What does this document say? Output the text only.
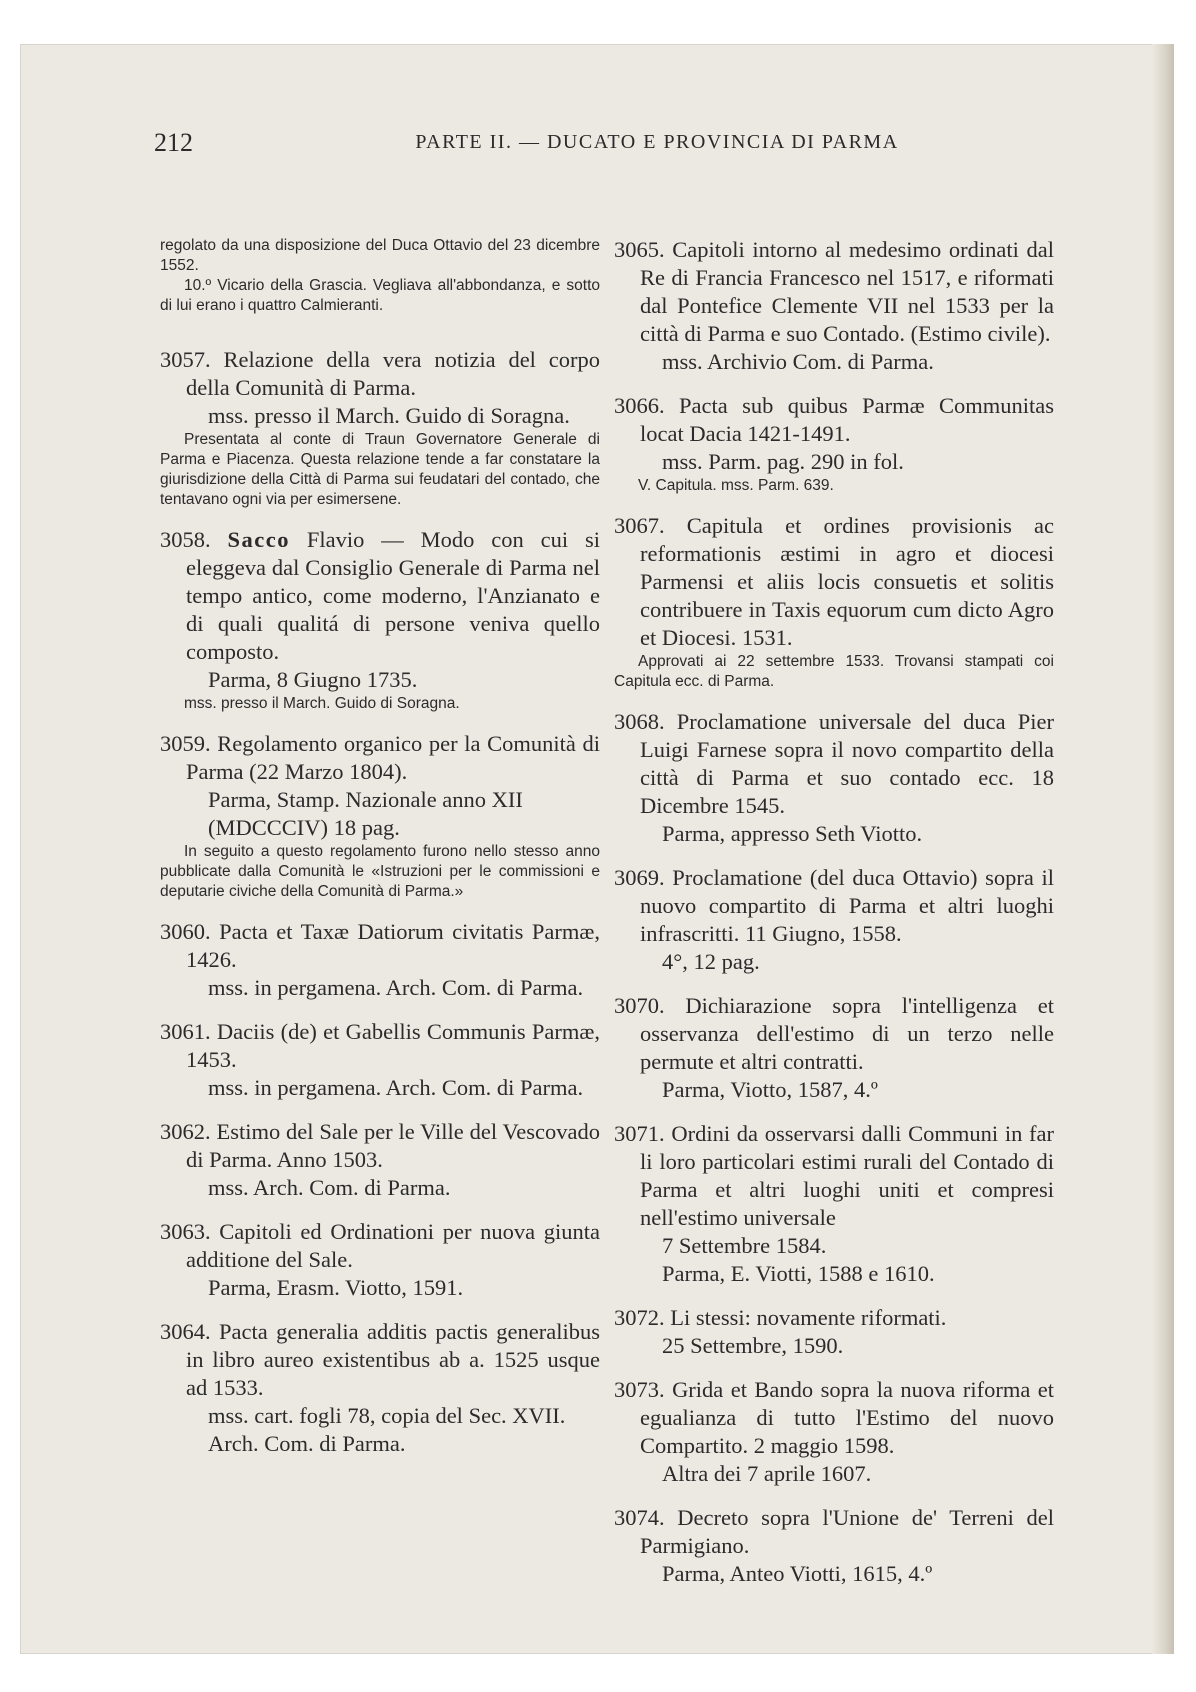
212	PARTE II. — DUCATO E PROVINCIA DI PARMA

regolato da una disposizione del Duca Ottavio del 23 dicembre 1552.

10.º Vicario della Grascia. Vegliava all'abbondanza, e sotto di lui erano i quattro Calmieranti.

3057. Relazione della vera notizia del corpo della Comunità di Parma.

mss. presso il March. Guido di Soragna.

Presentata al conte di Traun Governatore Generale di Parma e Piacenza. Questa relazione tende a far constatare la giurisdizione della Città di Parma sui feudatari del contado, che tentavano ogni via per esimersene.

3058. Sacco Flavio — Modo con cui si eleggeva dal Consiglio Generale di Parma nel tempo antico, come moderno, l'Anzianato e di quali qualitá di persone veniva quello composto.

Parma, 8 Giugno 1735.

mss. presso il March. Guido di Soragna.

3059. Regolamento organico per la Comunità di Parma (22 Marzo 1804).

Parma, Stamp. Nazionale anno XII (MDCCCIV) 18 pag.

In seguito a questo regolamento furono nello stesso anno pubblicate dalla Comunità le «Istruzioni per le commissioni e deputarie civiche della Comunità di Parma.»

3060. Pacta et Taxæ Datiorum civitatis Parmæ, 1426.

mss. in pergamena. Arch. Com. di Parma.

3061. Daciis (de) et Gabellis Communis Parmæ, 1453.

mss. in pergamena. Arch. Com. di Parma.

3062. Estimo del Sale per le Ville del Vescovado di Parma. Anno 1503.

mss. Arch. Com. di Parma.

3063. Capitoli ed Ordinationi per nuova giunta additione del Sale.

Parma, Erasm. Viotto, 1591.

3064. Pacta generalia additis pactis generalibus in libro aureo existentibus ab a. 1525 usque ad 1533.

mss. cart. fogli 78, copia del Sec. XVII. Arch. Com. di Parma.

3065. Capitoli intorno al medesimo ordinati dal Re di Francia Francesco nel 1517, e riformati dal Pontefice Clemente VII nel 1533 per la città di Parma e suo Contado. (Estimo civile).

mss. Archivio Com. di Parma.

3066. Pacta sub quibus Parmæ Communitas locat Dacia 1421-1491.

mss. Parm. pag. 290 in fol.

V. Capitula. mss. Parm. 639.

3067. Capitula et ordines provisionis ac reformationis æstimi in agro et diocesi Parmensi et aliis locis consuetis et solitis contribuere in Taxis equorum cum dicto Agro et Diocesi. 1531.

Approvati ai 22 settembre 1533. Trovansi stampati coi Capitula ecc. di Parma.

3068. Proclamatione universale del duca Pier Luigi Farnese sopra il novo compartito della città di Parma et suo contado ecc. 18 Dicembre 1545.

Parma, appresso Seth Viotto.

3069. Proclamatione (del duca Ottavio) sopra il nuovo compartito di Parma et altri luoghi infrascritti. 11 Giugno, 1558.

4°, 12 pag.

3070. Dichiarazione sopra l'intelligenza et osservanza dell'estimo di un terzo nelle permute et altri contratti.

Parma, Viotto, 1587, 4.º

3071. Ordini da osservarsi dalli Communi in far li loro particolari estimi rurali del Contado di Parma et altri luoghi uniti et compresi nell'estimo universale

7 Settembre 1584.

Parma, E. Viotti, 1588 e 1610.

3072. Li stessi: novamente riformati.

25 Settembre, 1590.

3073. Grida et Bando sopra la nuova riforma et egualianza di tutto l'Estimo del nuovo Compartito. 2 maggio 1598.

Altra dei 7 aprile 1607.

3074. Decreto sopra l'Unione de' Terreni del Parmigiano.

Parma, Anteo Viotti, 1615, 4.º
